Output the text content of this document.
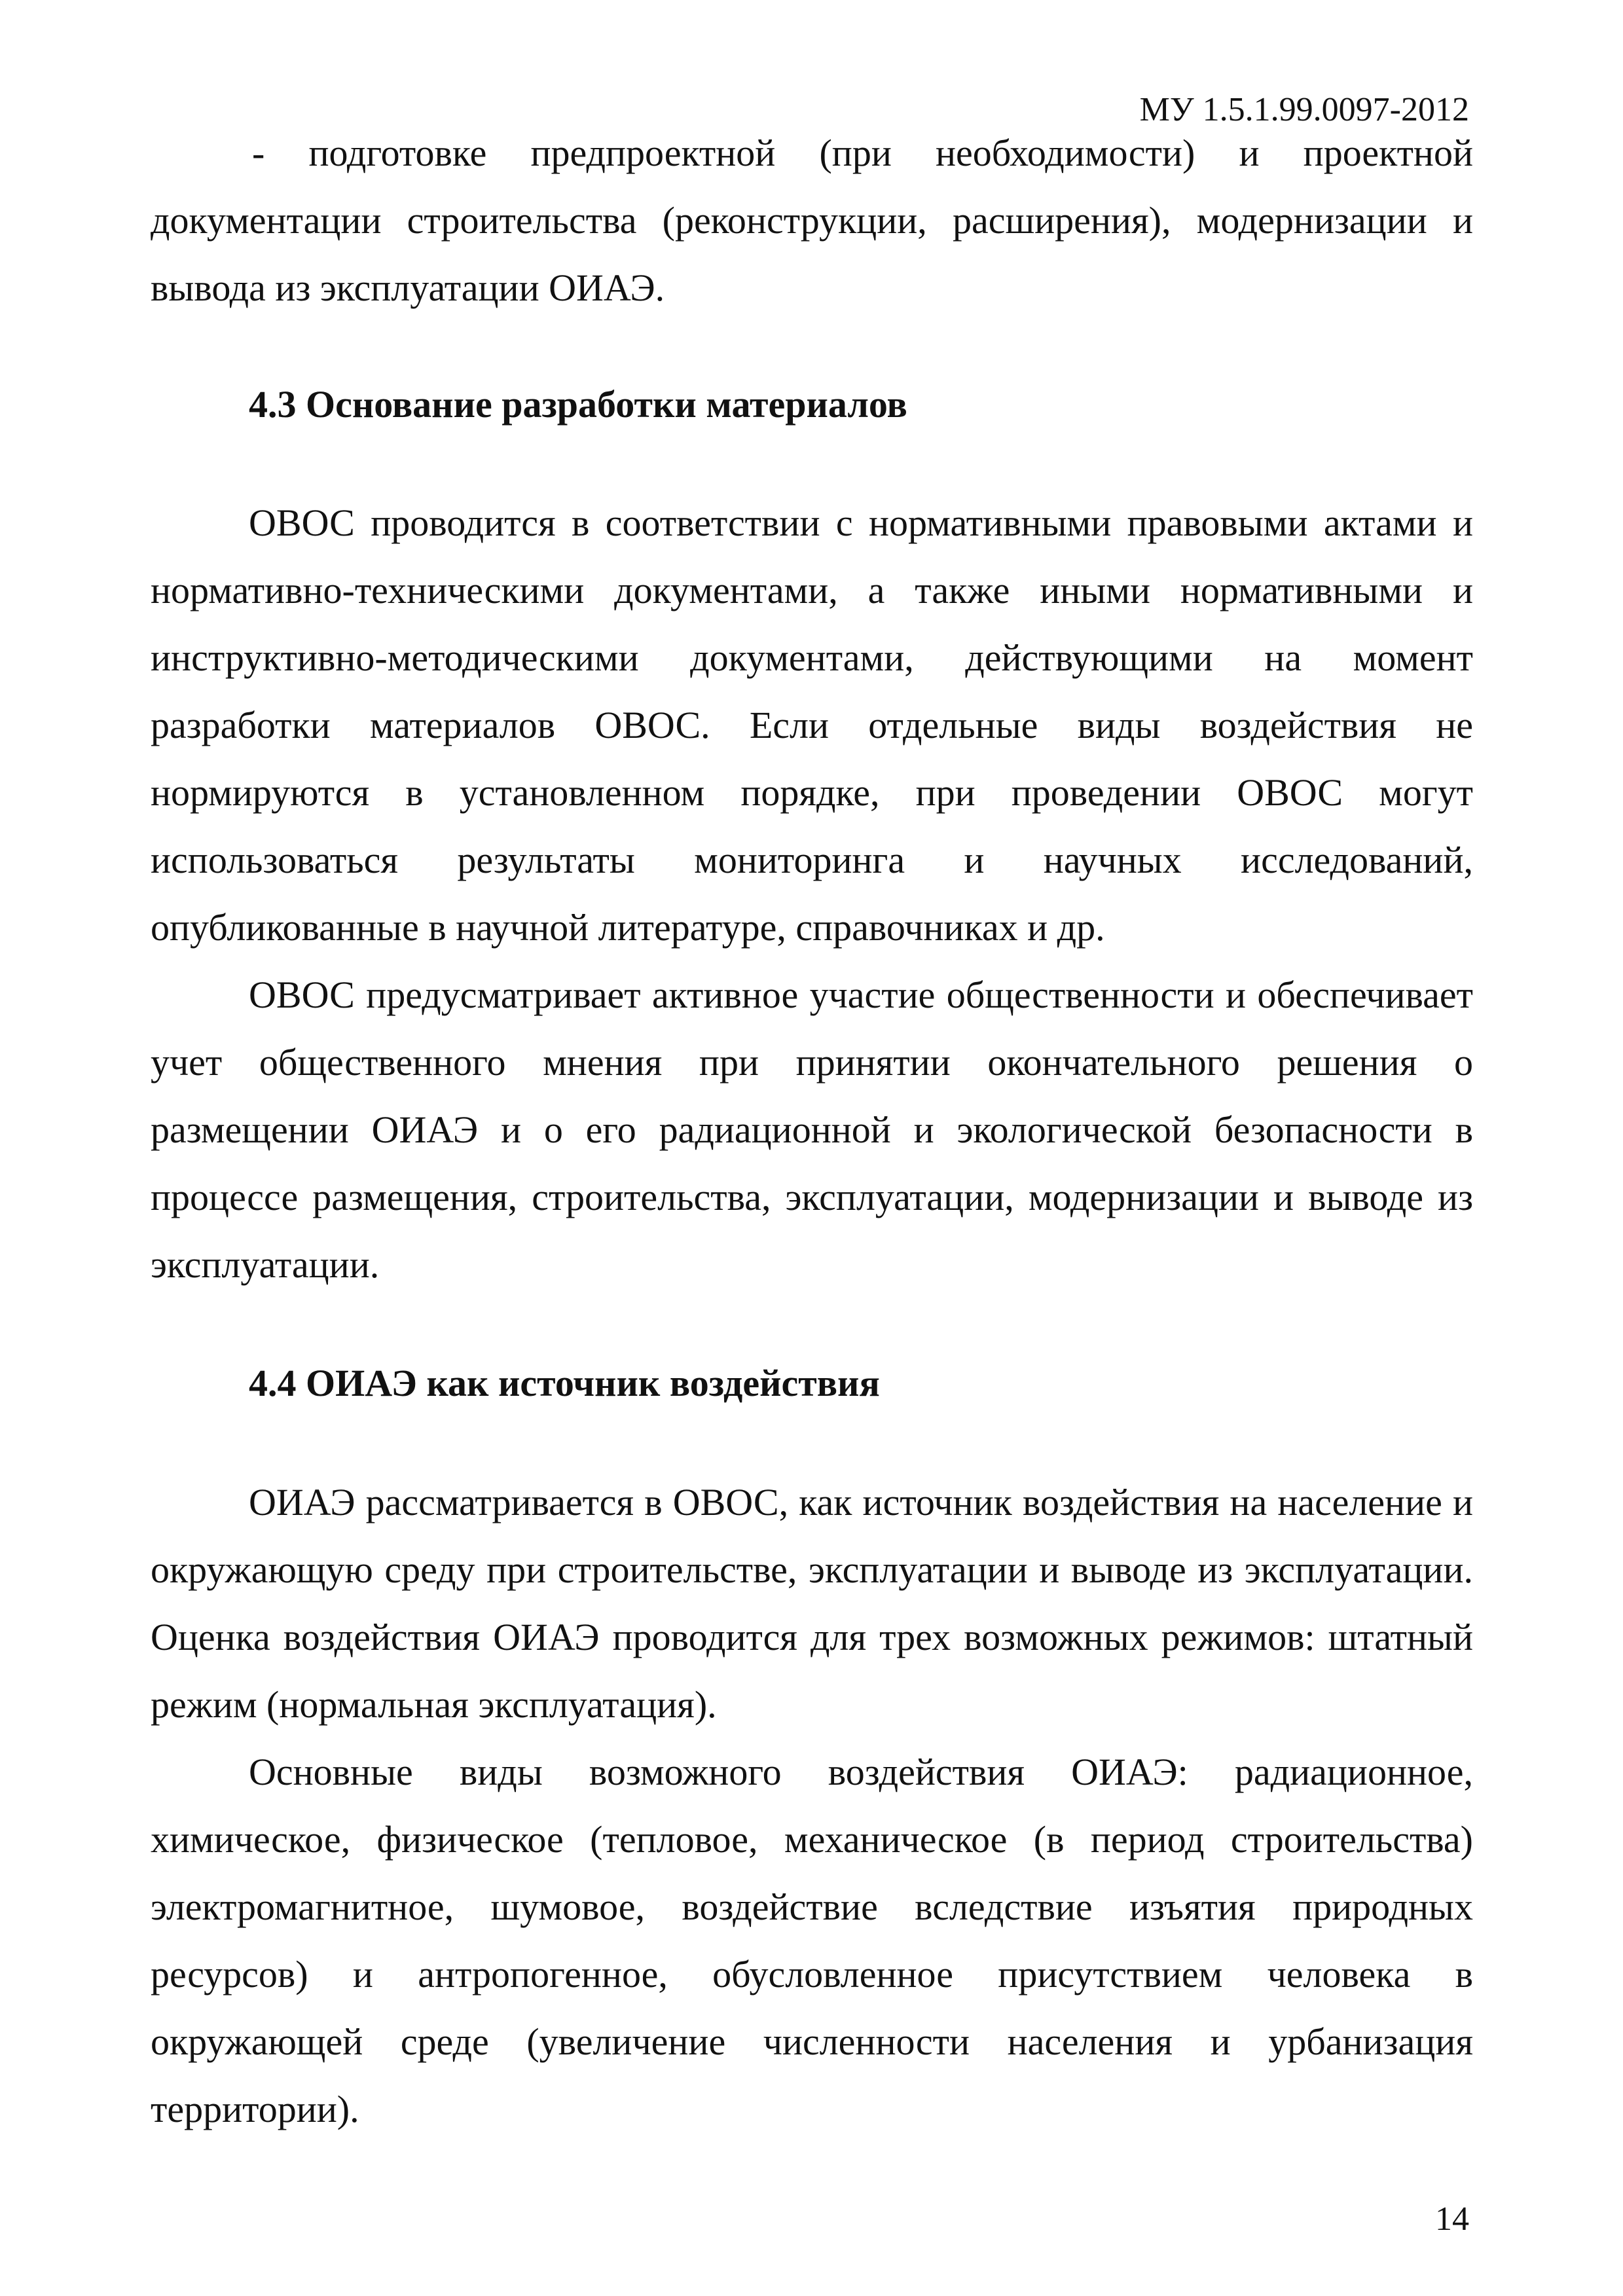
МУ 1.5.1.99.0097-2012

- подготовке предпроектной (при необходимости) и проектной документации строительства (реконструкции, расширения), модернизации и вывода из эксплуатации ОИАЭ.

4.3 Основание разработки материалов

ОВОС проводится в соответствии с нормативными правовыми актами и нормативно-техническими документами, а также иными нормативными и инструктивно-методическими документами, действующими на момент разработки материалов ОВОС. Если отдельные виды воздействия не нормируются в установленном порядке, при проведении ОВОС могут использоваться результаты мониторинга и научных исследований, опубликованные в научной литературе, справочниках и др.

ОВОС предусматривает активное участие общественности и обеспечивает учет общественного мнения при принятии окончательного решения о размещении ОИАЭ и о его радиационной и экологической безопасности в процессе размещения, строительства, эксплуатации, модернизации и выводе из эксплуатации.

4.4 ОИАЭ как источник воздействия

ОИАЭ рассматривается в ОВОС, как источник воздействия на население и окружающую среду при строительстве, эксплуатации и выводе из эксплуатации. Оценка воздействия ОИАЭ проводится для трех возможных режимов: штатный режим (нормальная эксплуатация).

Основные виды возможного воздействия ОИАЭ: радиационное, химическое, физическое (тепловое, механическое (в период строительства) электромагнитное, шумовое, воздействие вследствие изъятия природных ресурсов) и антропогенное, обусловленное присутствием человека в окружающей среде (увеличение численности населения и урбанизация территории).

14
